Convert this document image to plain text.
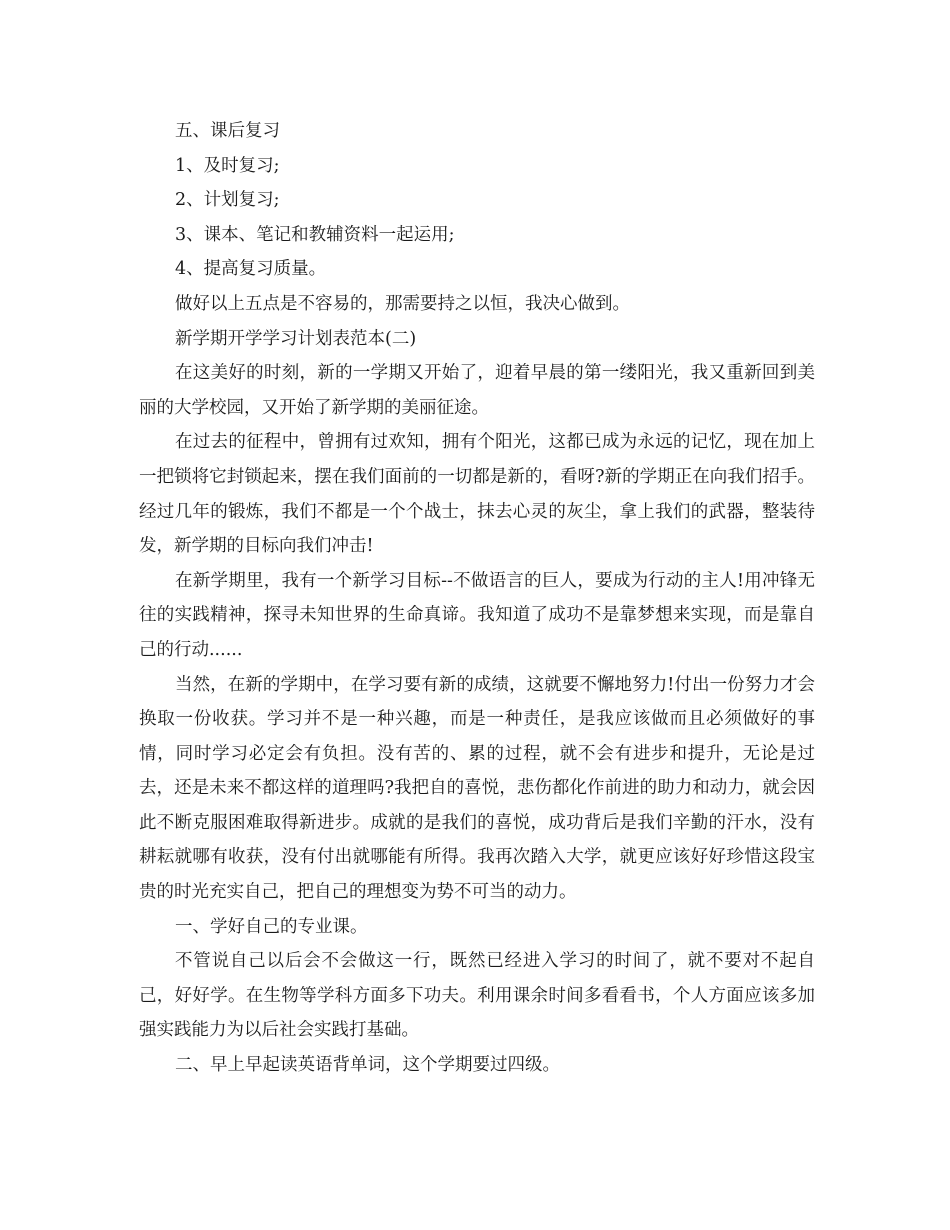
五、课后复习

1、及时复习;

2、计划复习;

3、课本、笔记和教辅资料一起运用;

4、提高复习质量。

做好以上五点是不容易的，那需要持之以恒，我决心做到。

新学期开学学习计划表范本(二)

在这美好的时刻，新的一学期又开始了，迎着早晨的第一缕阳光，我又重新回到美丽的大学校园，又开始了新学期的美丽征途。

在过去的征程中，曾拥有过欢知，拥有个阳光，这都已成为永远的记忆，现在加上一把锁将它封锁起来，摆在我们面前的一切都是新的，看呀?新的学期正在向我们招手。经过几年的锻炼，我们不都是一个个战士，抹去心灵的灰尘，拿上我们的武器，整装待发，新学期的目标向我们冲击!

在新学期里，我有一个新学习目标--不做语言的巨人，要成为行动的主人!用冲锋无往的实践精神，探寻未知世界的生命真谛。我知道了成功不是靠梦想来实现，而是靠自己的行动......

当然，在新的学期中，在学习要有新的成绩，这就要不懈地努力!付出一份努力才会换取一份收获。学习并不是一种兴趣，而是一种责任，是我应该做而且必须做好的事情，同时学习必定会有负担。没有苦的、累的过程，就不会有进步和提升，无论是过去，还是未来不都这样的道理吗?我把自的喜悦，悲伤都化作前进的助力和动力，就会因此不断克服困难取得新进步。成就的是我们的喜悦，成功背后是我们辛勤的汗水，没有耕耘就哪有收获，没有付出就哪能有所得。我再次踏入大学，就更应该好好珍惜这段宝贵的时光充实自己，把自己的理想变为势不可当的动力。

一、学好自己的专业课。

不管说自己以后会不会做这一行，既然已经进入学习的时间了，就不要对不起自己，好好学。在生物等学科方面多下功夫。利用课余时间多看看书，个人方面应该多加强实践能力为以后社会实践打基础。

二、早上早起读英语背单词，这个学期要过四级。
